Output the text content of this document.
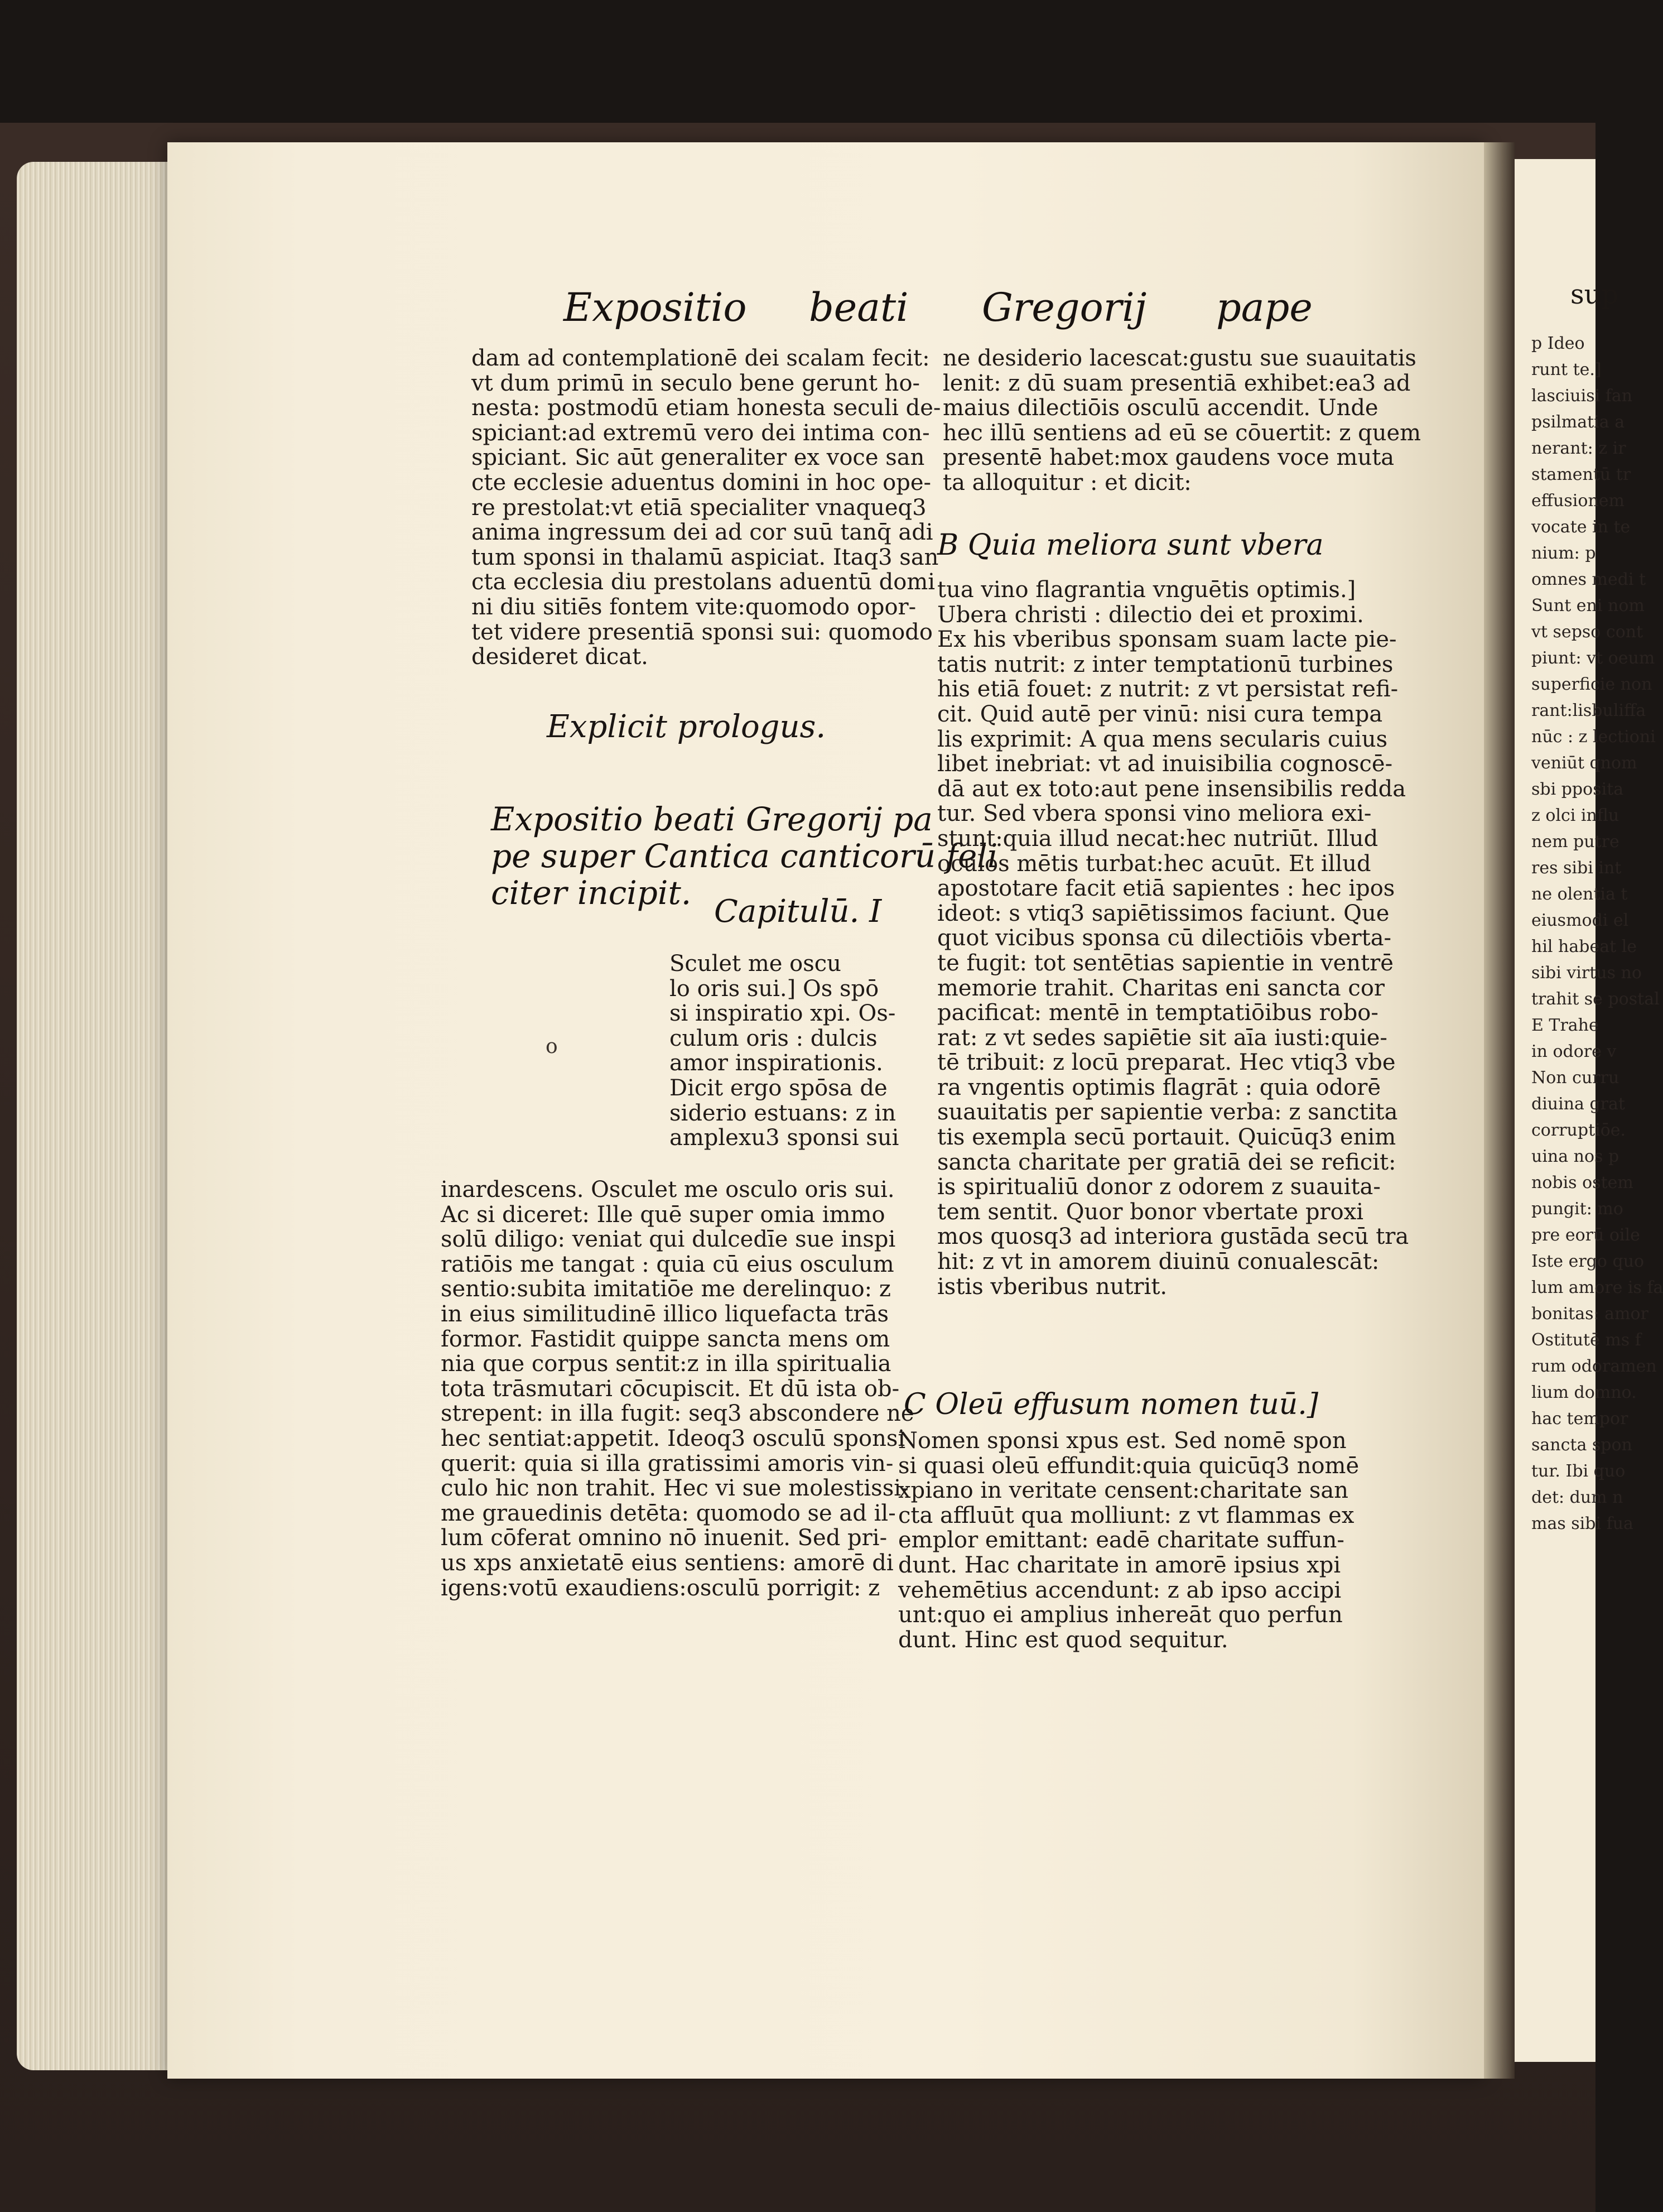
sup
p Ideo
runt te.]
lasciuisi fan
psilmatia a
nerant: z ir
stamentū tr
effusionem
vocate in te
nium: p
omnes medi t
Sunt eni nom
vt sepso cont
piunt: vt oeum
superficie non
rant:lisbuliffa
nūc : z lectioni
veniūt qnom
sbi pposita
z olci influ
nem putre
res sibi int
ne olentia t
eiusmodi el
hil habeat le
sibi virtus no
trahit se postal
E Trahe
in odore v
Non curru
diuina grat
corruptiōe.
uina nos p
nobis ostem
pungit: mo
pre eorū oile
Iste ergo quo
lum amore is fa
bonitas: amor
Ostitutē ms f
rum odoramen
lium domno.
hac tempor
sancta spon
tur. Ibi quo
det: dum n
mas sibi fua
Expositio beati Gregorij pape
dam ad contemplationē dei scalam fecit:
vt dum primū in seculo bene gerunt ho-
nesta: postmodū etiam honesta seculi de-
spiciant:ad extremū vero dei intima con-
spiciant. Sic aūt generaliter ex voce san
cte ecclesie aduentus domini in hoc ope-
re prestolat:vt etiā specialiter vnaqueq3
anima ingressum dei ad cor suū tanq̄ adi
tum sponsi in thalamū aspiciat. Itaq3 san
cta ecclesia diu prestolans aduentū domi
ni diu sitiēs fontem vite:quomodo opor-
tet videre presentiā sponsi sui: quomodo
desideret dicat.
Explicit prologus.
Expositio beati Gregorij pa
pe super Cantica canticorū feli
citer incipit. Capitulū. I
Sculet me oscu
lo oris sui.] Os spō
si inspiratio xpi. Os-
culum oris : dulcis
amor inspirationis.
Dicit ergo spōsa de
siderio estuans: z in
amplexu3 sponsi sui
o
inardescens. Osculet me osculo oris sui.
Ac si diceret: Ille quē super omia immo
solū diligo: veniat qui dulcedīe sue inspi
ratiōis me tangat : quia cū eius osculum
sentio:subita imitatiōe me derelinquo: z
in eius similitudinē illico liquefacta trās
formor. Fastidit quippe sancta mens om
nia que corpus sentit:z in illa spiritualia
tota trāsmutari cōcupiscit. Et dū ista ob-
strepent: in illa fugit: seq3 abscondere ne
hec sentiat:appetit. Ideoq3 osculū sponsi
querit: quia si illa gratissimi amoris vin-
culo hic non trahit. Hec vi sue molestissi-
me grauedinis detēta: quomodo se ad il-
lum cōferat omnino nō inuenit. Sed pri-
us xps anxietatē eius sentiens: amorē di
igens:votū exaudiens:osculū porrigit: z
ne desiderio lacescat:gustu sue suauitatis
lenit: z dū suam presentiā exhibet:ea3 ad
maius dilectiōis osculū accendit. Unde
hec illū sentiens ad eū se cōuertit: z quem
presentē habet:mox gaudens voce muta
ta alloquitur : et dicit:
B Quia meliora sunt vbera
tua vino flagrantia vnguētis optimis.]
Ubera christi : dilectio dei et proximi.
Ex his vberibus sponsam suam lacte pie-
tatis nutrit: z inter temptationū turbines
his etiā fouet: z nutrit: z vt persistat refi-
cit. Quid autē per vinū: nisi cura tempa
lis exprimit: A qua mens secularis cuius
libet inebriat: vt ad inuisibilia cognoscē-
dā aut ex toto:aut pene insensibilis redda
tur. Sed vbera sponsi vino meliora exi-
stunt:quia illud necat:hec nutriūt. Illud
oculos mētis turbat:hec acuūt. Et illud
apostotare facit etiā sapientes : hec ipos
ideot: s vtiq3 sapiētissimos faciunt. Que
quot vicibus sponsa cū dilectiōis vberta-
te fugit: tot sentētias sapientie in ventrē
memorie trahit. Charitas eni sancta cor
pacificat: mentē in temptatiōibus robo-
rat: z vt sedes sapiētie sit aīa iusti:quie-
tē tribuit: z locū preparat. Hec vtiq3 vbe
ra vngentis optimis flagrāt : quia odorē
suauitatis per sapientie verba: z sanctita
tis exempla secū portauit. Quicūq3 enim
sancta charitate per gratiā dei se reficit:
is spiritualiū donor z odorem z suauita-
tem sentit. Quor bonor vbertate proxi
mos quosq3 ad interiora gustāda secū tra
hit: z vt in amorem diuinū conualescāt:
istis vberibus nutrit.
C Oleū effusum nomen tuū.]
Nomen sponsi xpus est. Sed nomē spon
si quasi oleū effundit:quia quicūq3 nomē
xpiano in veritate censent:charitate san
cta affluūt qua molliunt: z vt flammas ex
emplor emittant: eadē charitate suffun-
dunt. Hac charitate in amorē ipsius xpi
vehemētius accendunt: z ab ipso accipi
unt:quo ei amplius inhereāt quo perfun
dunt. Hinc est quod sequitur.
